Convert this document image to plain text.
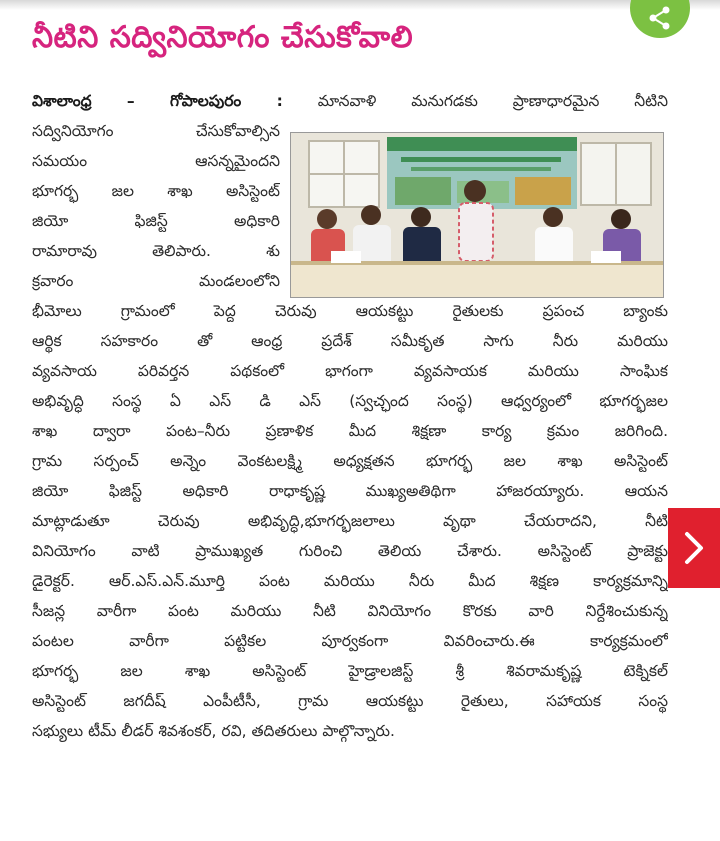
నీటిని సద్వినియోగం చేసుకోవాలి
విశాలాంధ్ర – గోపాలపురం : మానవాళి మనుగడకు ప్రాణాధారమైన నీటిని
సద్వినియోగం చేసుకోవాల్సిన
సమయం ఆసన్నమైందని
భూగర్భ జల శాఖ అసిస్టెంట్
జియో ఫిజిస్ట్ అధికారి
రామారావు తెలిపారు. శు
క్రవారం మండలంలోని
భీమోలు గ్రామంలో పెద్ద చెరువు ఆయకట్టు రైతులకు ప్రపంచ బ్యాంకు
ఆర్థిక సహకారం తో ఆంధ్ర ప్రదేశ్ సమీకృత సాగు నీరు మరియు
వ్యవసాయ పరివర్తన పథకంలో భాగంగా వ్యవసాయక మరియు సాంఘిక
అభివృద్ధి సంస్థ ఏ ఎస్ డి ఎస్ (స్వచ్ఛంద సంస్థ) ఆధ్వర్యంలో భూగర్భజల
శాఖ ద్వారా పంట–నీరు ప్రణాళిక మీద శిక్షణా కార్య క్రమం జరిగింది.
గ్రామ సర్పంచ్ అన్నెం వెంకటలక్ష్మి అధ్యక్షతన భూగర్భ జల శాఖ అసిస్టెంట్
జియో ఫిజిస్ట్ అధికారి రాధాకృష్ణ ముఖ్యఅతిథిగా హాజరయ్యారు. ఆయన
మాట్లాడుతూ చెరువు అభివృద్ధి,భూగర్భజలాలు వృథా చేయరాదని, నీటి
వినియోగం వాటి ప్రాముఖ్యత గురించి తెలియ చేశారు. అసిస్టెంట్ ప్రాజెక్టు
డైరెక్టర్. ఆర్.ఎస్.ఎన్.మూర్తి పంట మరియు నీరు మీద శిక్షణ కార్యక్రమాన్ని
సీజన్ల వారీగా పంట మరియు నీటి వినియోగం కొరకు వారి నిర్దేశించుకున్న
పంటల వారీగా పట్టికల పూర్వకంగా వివరించారు.ఈ కార్యక్రమంలో
భూగర్భ జల శాఖ అసిస్టెంట్ హైడ్రాలజిస్ట్ శ్రీ శివరామకృష్ణ టెక్నికల్
అసిస్టెంట్ జగదీష్ ఎంపీటీసీ, గ్రామ ఆయకట్టు రైతులు, సహాయక సంస్థ
సభ్యులు టీమ్ లీడర్ శివశంకర్, రవి, తదితరులు పాల్గొన్నారు.
